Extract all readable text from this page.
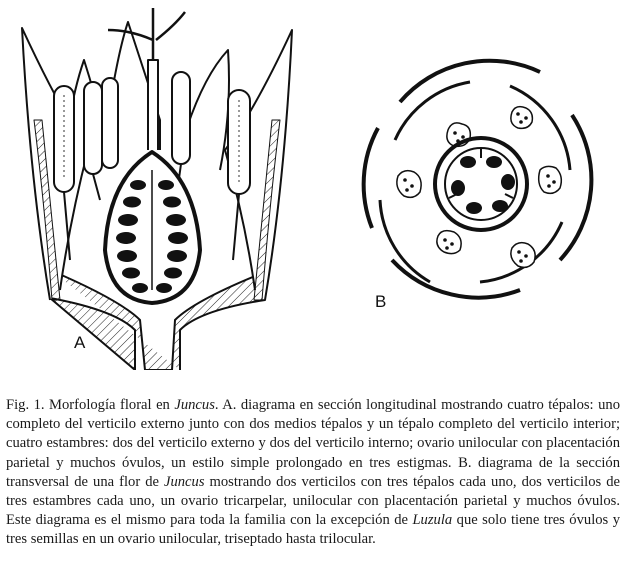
A
B
Fig. 1. Morfología floral en Juncus. A. diagrama en sección longitudinal mostrando cuatro tépalos: uno completo del verticilo externo junto con dos medios tépalos y un tépalo completo del verticilo interior; cuatro estambres: dos del verticilo externo y dos del verticilo interno; ovario unilocular con placentación parietal y muchos óvulos, un estilo simple prolongado en tres estigmas. B. diagrama de la sección transversal de una flor de Juncus mostrando dos verticilos con tres tépalos cada uno, dos verticilos de tres estambres cada uno, un ovario tricarpelar, unilocular con placentación parietal y muchos óvulos. Este diagrama es el mismo para toda la familia con la excepción de Luzula que solo tiene tres óvulos y tres semillas en un ovario unilocular, triseptado hasta trilocular.
